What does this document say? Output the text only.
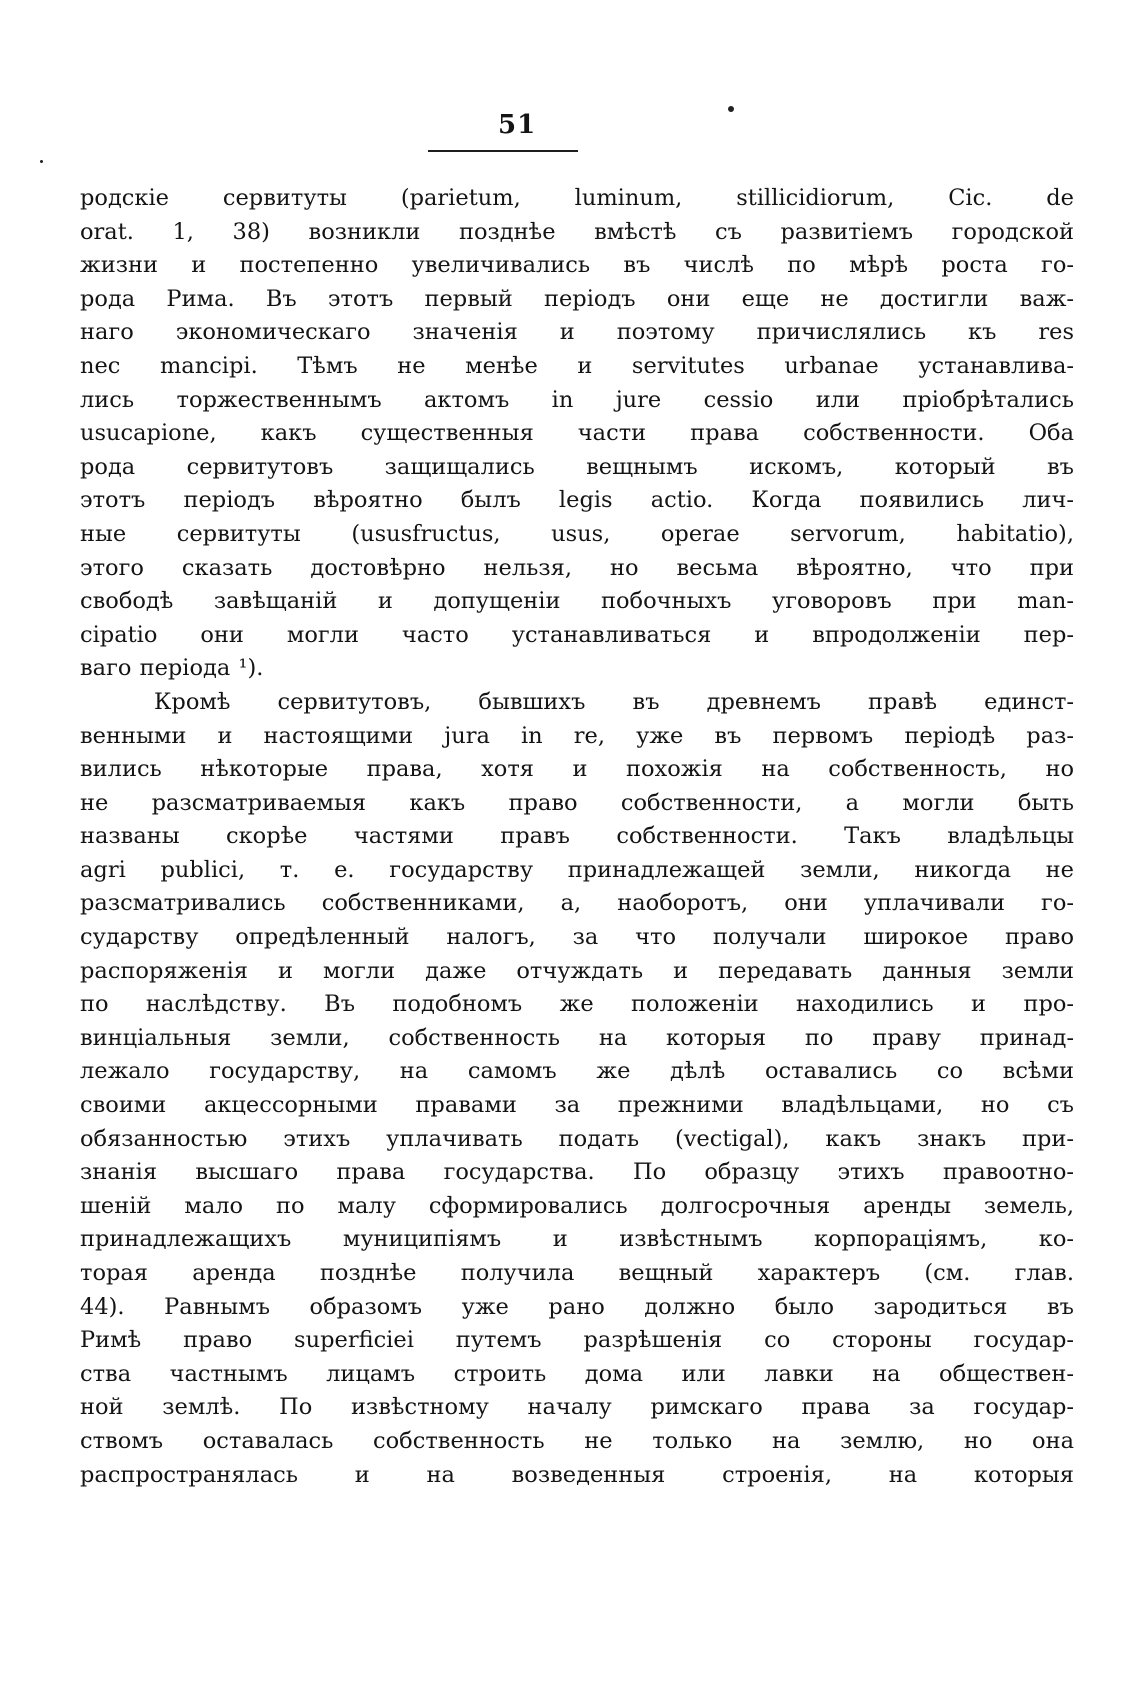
51
родскіе сервитуты (parietum, luminum, stillicidiorum, Cic. de
orat. 1, 38) возникли позднѣе вмѣстѣ съ развитіемъ городской
жизни и постепенно увеличивались въ числѣ по мѣрѣ роста го-
рода Рима. Въ этотъ первый періодъ они еще не достигли важ-
наго экономическаго значенія и поэтому причислялись къ res
nec mancipi. Тѣмъ не менѣе и servitutes urbanae устанавлива-
лись торжественнымъ актомъ in jure cessio или пріобрѣтались
usucapione, какъ существенныя части права собственности. Оба
рода сервитутовъ защищались вещнымъ искомъ, который въ
этотъ періодъ вѣроятно былъ legis actio. Когда появились лич-
ные сервитуты (ususfructus, usus, operae servorum, habitatio),
этого сказать достовѣрно нельзя, но весьма вѣроятно, что при
свободѣ завѣщаній и допущеніи побочныхъ уговоровъ при man-
cipatio они могли часто устанавливаться и впродолженіи пер-
ваго періода ¹).
Кромѣ сервитутовъ, бывшихъ въ древнемъ правѣ единст-
венными и настоящими jura in re, уже въ первомъ періодѣ раз-
вились нѣкоторые права, хотя и похожія на собственность, но
не разсматриваемыя какъ право собственности, а могли быть
названы скорѣе частями правъ собственности. Такъ владѣльцы
agri publici, т. е. государству принадлежащей земли, никогда не
разсматривались собственниками, а, наоборотъ, они уплачивали го-
сударству опредѣленный налогъ, за что получали широкое право
распоряженія и могли даже отчуждать и передавать данныя земли
по наслѣдству. Въ подобномъ же положеніи находились и про-
винціальныя земли, собственность на которыя по праву принад-
лежало государству, на самомъ же дѣлѣ оставались со всѣми
своими акцессорными правами за прежними владѣльцами, но съ
обязанностью этихъ уплачивать подать (vectigal), какъ знакъ при-
знанія высшаго права государства. По образцу этихъ правоотно-
шеній мало по малу сформировались долгосрочныя аренды земель,
принадлежащихъ муниципіямъ и извѣстнымъ корпораціямъ, ко-
торая аренда позднѣе получила вещный характеръ (см. глав.
44). Равнымъ образомъ уже рано должно было зародиться въ
Римѣ право superficiei путемъ разрѣшенія со стороны государ-
ства частнымъ лицамъ строить дома или лавки на обществен-
ной землѣ. По извѣстному началу римскаго права за государ-
ствомъ оставалась собственность не только на землю, но она
распространялась и на возведенныя строенія, на которыя
